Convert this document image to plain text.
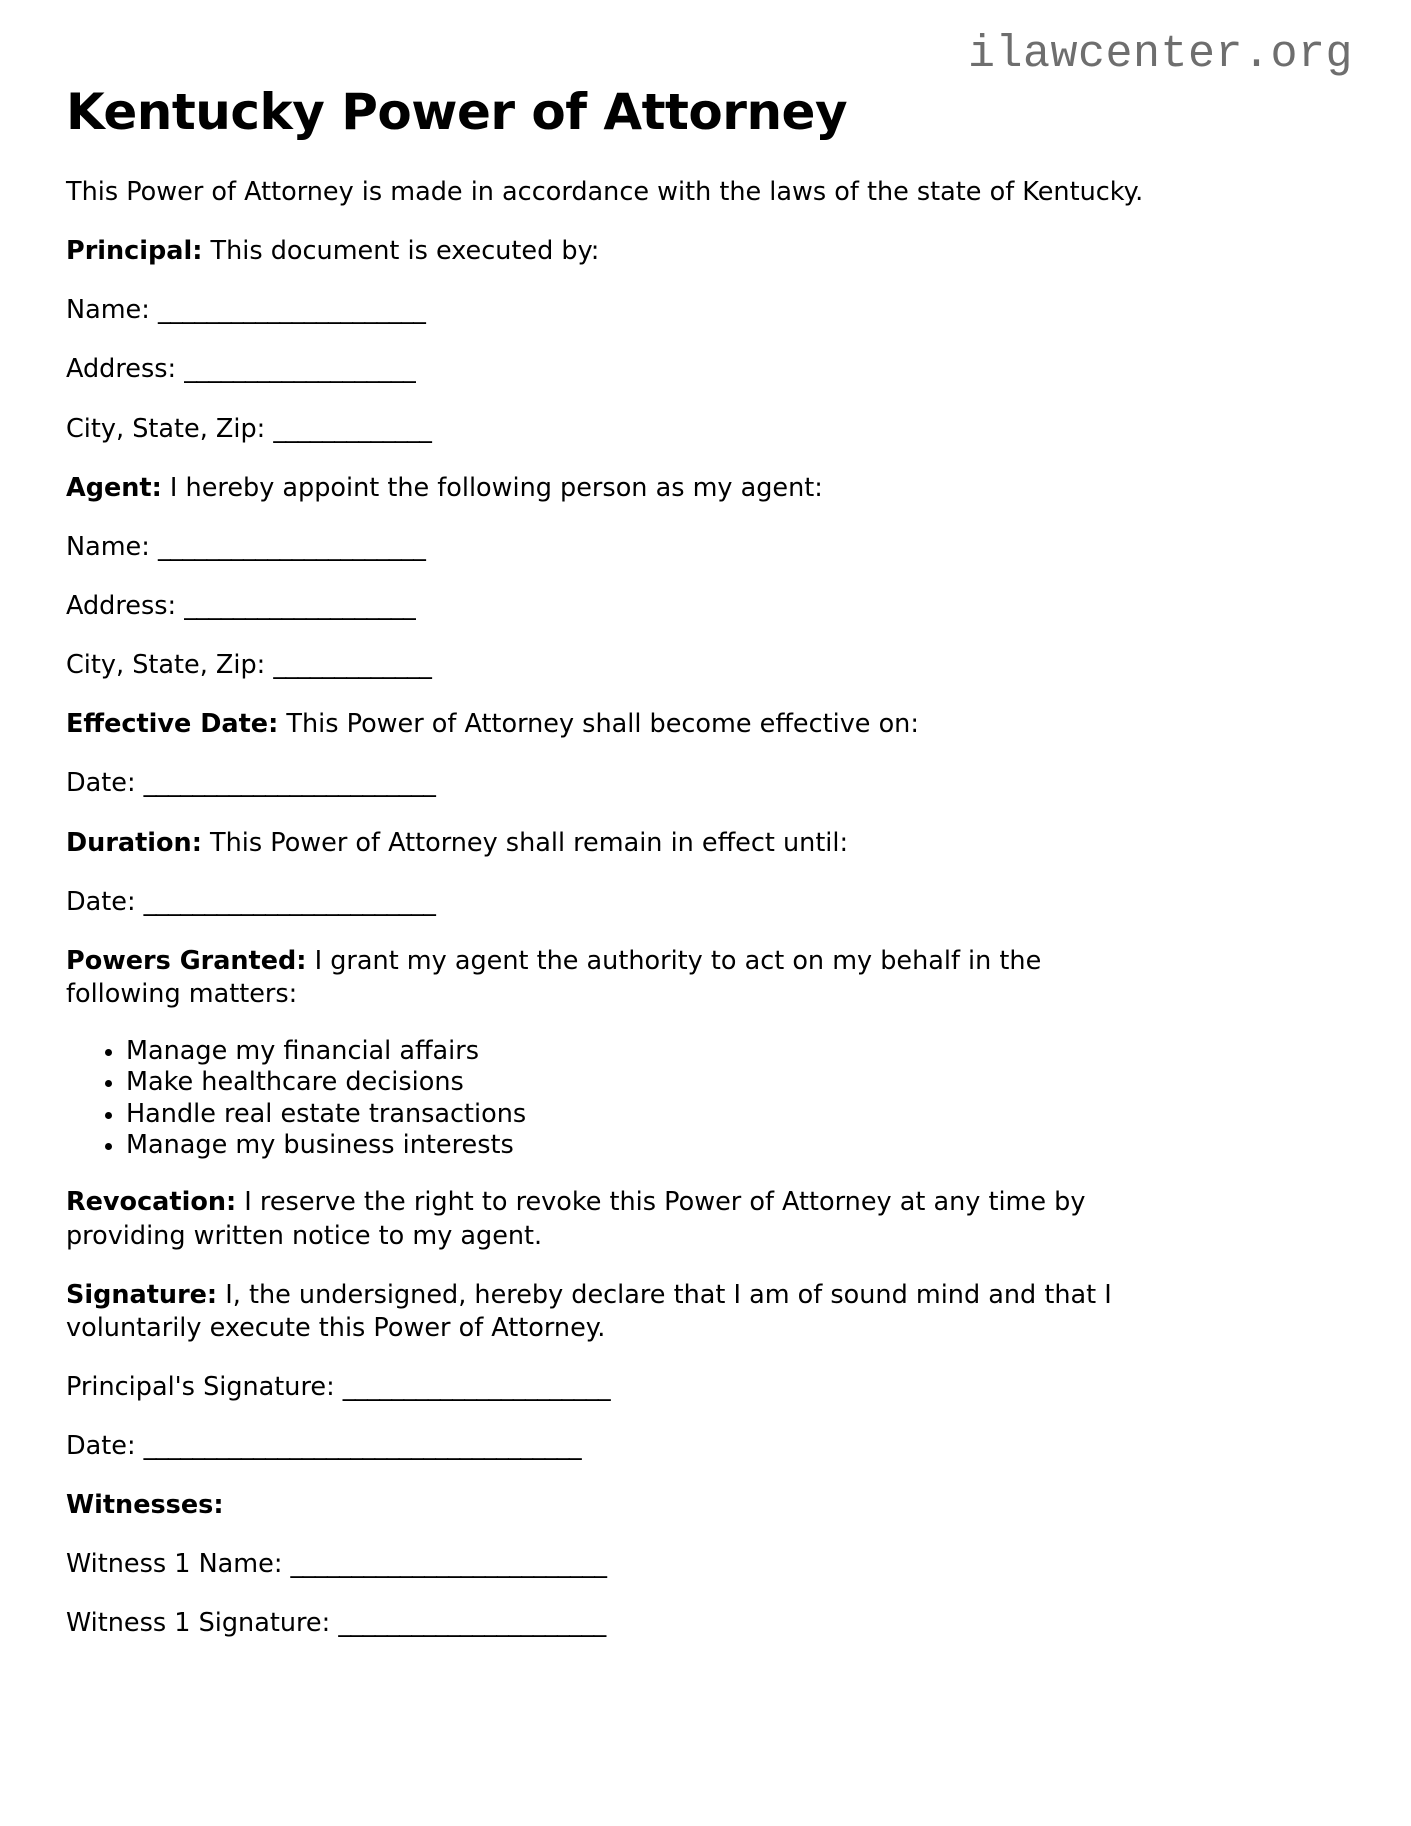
ilawcenter.org
Kentucky Power of Attorney

This Power of Attorney is made in accordance with the laws of the state of Kentucky.

Principal: This document is executed by:

Name: ______________________

Address: ___________________

City, State, Zip: _____________

Agent: I hereby appoint the following person as my agent:

Name: ______________________

Address: ___________________

City, State, Zip: _____________

Effective Date: This Power of Attorney shall become effective on:

Date: ________________________

Duration: This Power of Attorney shall remain in effect until:

Date: ________________________

Powers Granted: I grant my agent the authority to act on my behalf in the following matters:

• Manage my financial affairs
• Make healthcare decisions
• Handle real estate transactions
• Manage my business interests

Revocation: I reserve the right to revoke this Power of Attorney at any time by providing written notice to my agent.

Signature: I, the undersigned, hereby declare that I am of sound mind and that I voluntarily execute this Power of Attorney.

Principal's Signature: ______________________

Date: ____________________________________

Witnesses:

Witness 1 Name: __________________________

Witness 1 Signature: ______________________
